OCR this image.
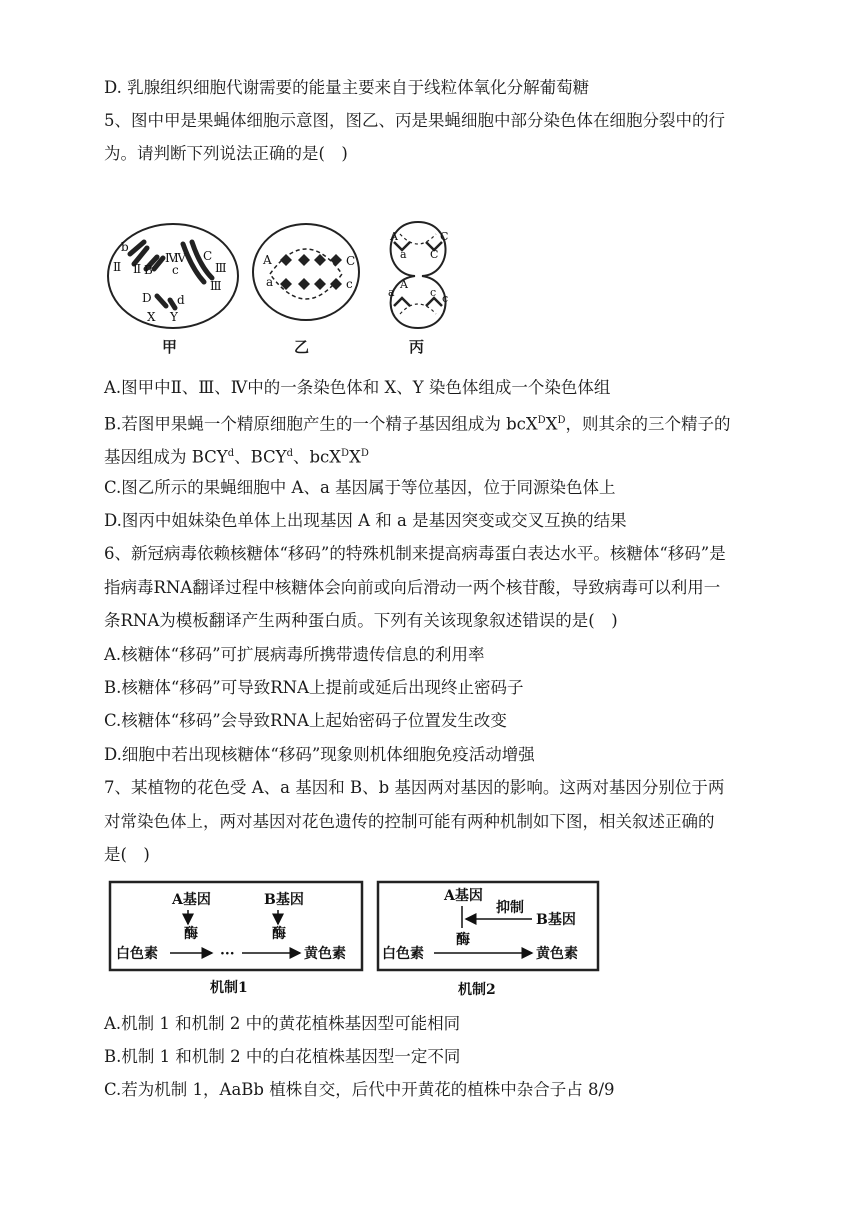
D. 乳腺组织细胞代谢需要的能量主要来自于线粒体氧化分解葡萄糖
5、图中甲是果蝇体细胞示意图，图乙、丙是果蝇细胞中部分染色体在细胞分裂中的行
为。请判断下列说法正确的是(　)
b
Ⅱ Ⅱ B
Ⅳ
Ⅳ C
c	Ⅲ
Ⅲ
D d
X Y
A
a
C
c
A
a
C
C
a
A
c c
甲	乙	丙
A.图甲中Ⅱ、Ⅲ、Ⅳ中的一条染色体和 X、Y 染色体组成一个染色体组
B.若图甲果蝇一个精原细胞产生的一个精子基因组成为 $bcX^DX^D$，则其余的三个精子的
基因组成为 BCY$^d$、BCY$^d$、$bcX^DX^D$
C.图乙所示的果蝇细胞中 A、a 基因属于等位基因，位于同源染色体上
D.图丙中姐妹染色单体上出现基因 A 和 a 是基因突变或交叉互换的结果
6、新冠病毒依赖核糖体“移码”的特殊机制来提高病毒蛋白表达水平。核糖体“移码”是
指病毒RNA翻译过程中核糖体会向前或向后滑动一两个核苷酸，导致病毒可以利用一
条RNA为模板翻译产生两种蛋白质。下列有关该现象叙述错误的是(　)
A.核糖体“移码”可扩展病毒所携带遗传信息的利用率
B.核糖体“移码”可导致RNA上提前或延后出现终止密码子
C.核糖体“移码”会导致RNA上起始密码子位置发生改变
D.细胞中若出现核糖体“移码”现象则机体细胞免疫活动增强
7、某植物的花色受 A、a 基因和 B、b 基因两对基因的影响。这两对基因分别位于两
对常染色体上，两对基因对花色遗传的控制可能有两种机制如下图，相关叙述正确的
是(　)
A基因	B基因
酶	酶
白色素	···	黄色素
A基因
抑制
B基因
酶
白色素	黄色素
机制1	机制2
A.机制 1 和机制 2 中的黄花植株基因型可能相同
B.机制 1 和机制 2 中的白花植株基因型一定不同
C.若为机制 1，AaBb 植株自交，后代中开黄花的植株中杂合子占 8/9
